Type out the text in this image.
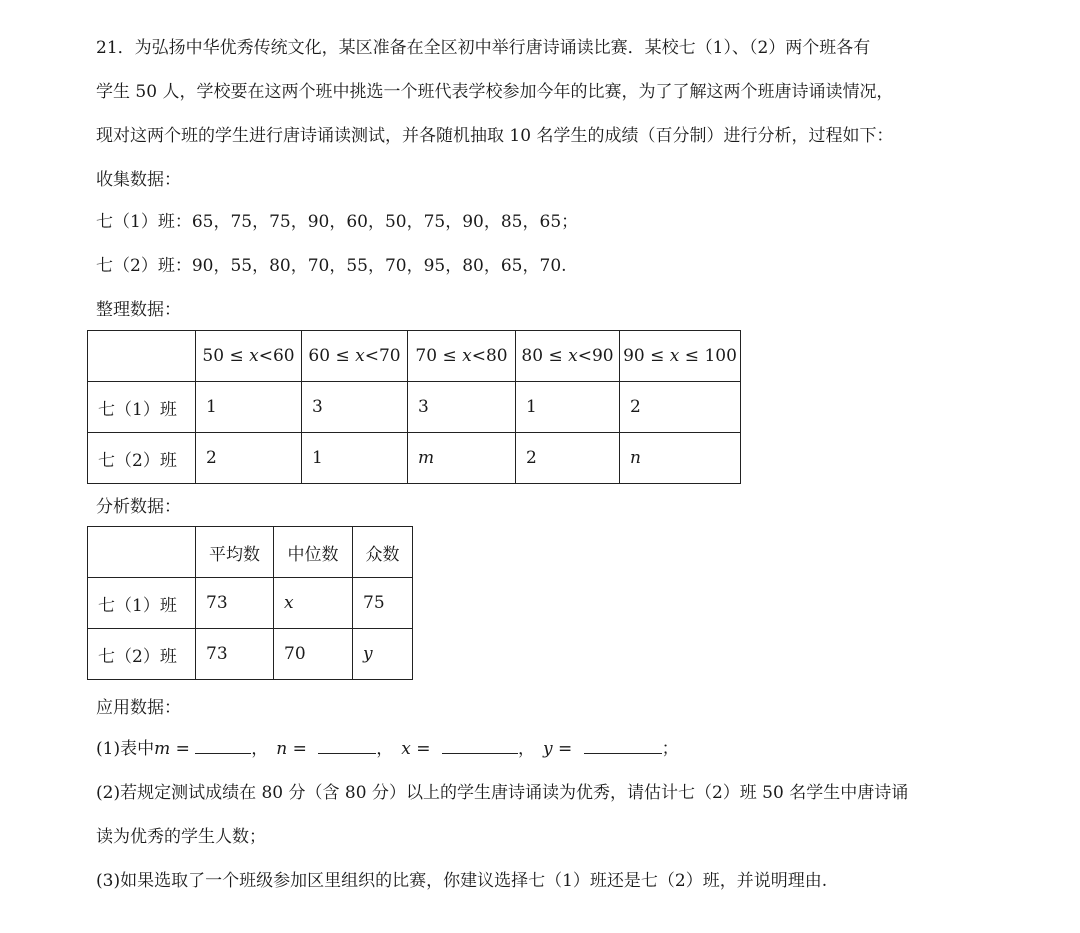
21．为弘扬中华优秀传统文化，某区准备在全区初中举行唐诗诵读比赛．某校七（1）、（2）两个班各有
学生 50 人，学校要在这两个班中挑选一个班代表学校参加今年的比赛，为了了解这两个班唐诗诵读情况，
现对这两个班的学生进行唐诗诵读测试，并各随机抽取 10 名学生的成绩（百分制）进行分析，过程如下：
收集数据：
七（1）班：65，75，75，90，60，50，75，90，85，65；
七（2）班：90，55，80，70，55，70，95，80，65，70.
整理数据：
	50 ≤ x<60	60 ≤ x<70	70 ≤ x<80	80 ≤ x<90	90 ≤ x ≤ 100
七（1）班	1	3	3	1	2
七（2）班	2	1	m	2	n
分析数据：
	平均数	中位数	众数
七（1）班	73	x	75
七（2）班	73	70	y
应用数据：
(1)表中m =	， n =	， x =	， y =	；
(2)若规定测试成绩在 80 分（含 80 分）以上的学生唐诗诵读为优秀，请估计七（2）班 50 名学生中唐诗诵
读为优秀的学生人数；
(3)如果选取了一个班级参加区里组织的比赛，你建议选择七（1）班还是七（2）班，并说明理由.
